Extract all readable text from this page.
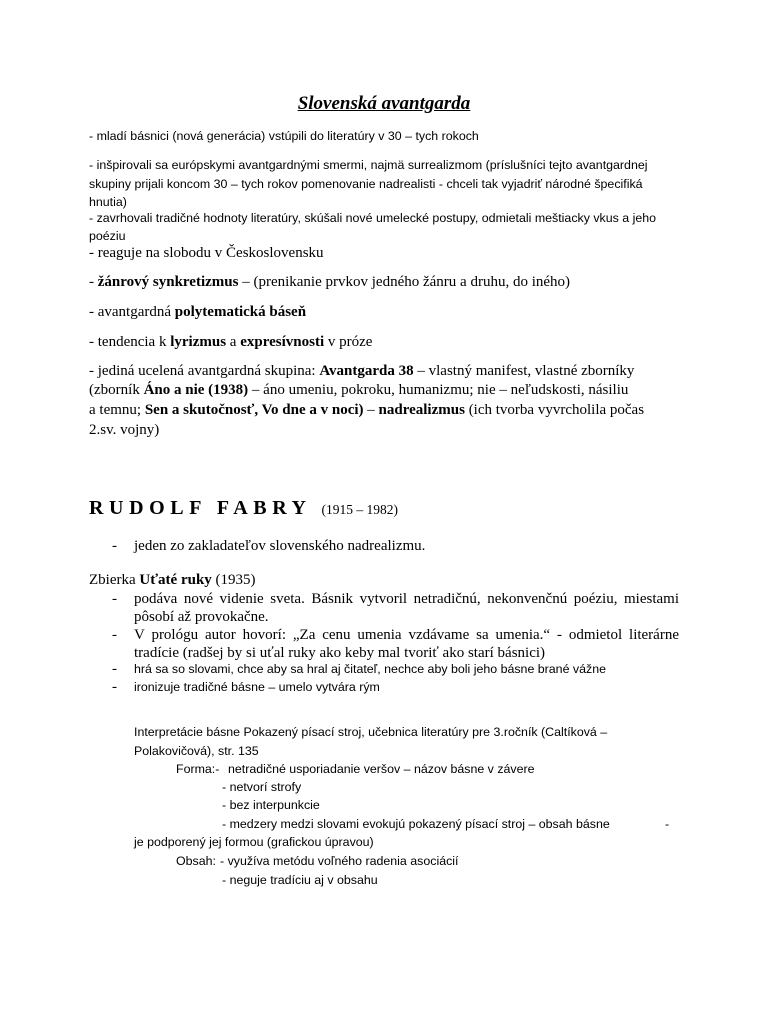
Slovenská avantgarda
- mladí básnici (nová generácia) vstúpili do literatúry v 30 – tych rokoch
- inšpirovali sa európskymi avantgardnými smermi, najmä surrealizmom (príslušníci tejto avantgardnej
skupiny prijali koncom 30 – tych rokov pomenovanie nadrealisti - chceli tak vyjadriť národné špecifiká
hnutia)
- zavrhovali tradičné hodnoty literatúry, skúšali nové umelecké postupy, odmietali meštiacky vkus a jeho
poéziu
- reaguje na slobodu v Československu
- žánrový synkretizmus – (prenikanie prvkov jedného žánru a druhu, do iného)
- avantgardná polytematická báseň
- tendencia k lyrizmus a expresívnosti v próze
- jediná ucelená avantgardná skupina: Avantgarda 38 – vlastný manifest, vlastné zborníky
(zborník Áno a nie (1938) – áno umeniu, pokroku, humanizmu; nie – neľudskosti, násiliu
a temnu; Sen a skutočnosť, Vo dne a v noci) – nadrealizmus (ich tvorba vyvrcholila počas
2.sv. vojny)
RUDOLF FABRY (1915 – 1982)
- jeden zo zakladateľov slovenského nadrealizmu.
Zbierka Uťaté ruky (1935)
- podáva nové videnie sveta. Básnik vytvoril netradičnú, nekonvenčnú poéziu, miestami pôsobí až provokačne.
- V prológu autor hovorí: „Za cenu umenia vzdávame sa umenia.“ - odmietol literárne tradície (radšej by si uťal ruky ako keby mal tvoriť ako starí básnici)
- hrá sa so slovami, chce aby sa hral aj čitateľ, nechce aby boli jeho básne brané vážne
- ironizuje tradičné básne – umelo vytvára rým
Interpretácie básne Pokazený písací stroj, učebnica literatúry pre 3.ročník (Caltíková –
Polakovičová), str. 135
Forma:- netradičné usporiadanie veršov – názov básne v závere
- netvorí strofy
- bez interpunkcie
- medzery medzi slovami evokujú pokazený písací stroj – obsah básne	-
je podporený jej formou (grafickou úpravou)
Obsah: - využíva metódu voľného radenia asociácií
- neguje tradíciu aj v obsahu
